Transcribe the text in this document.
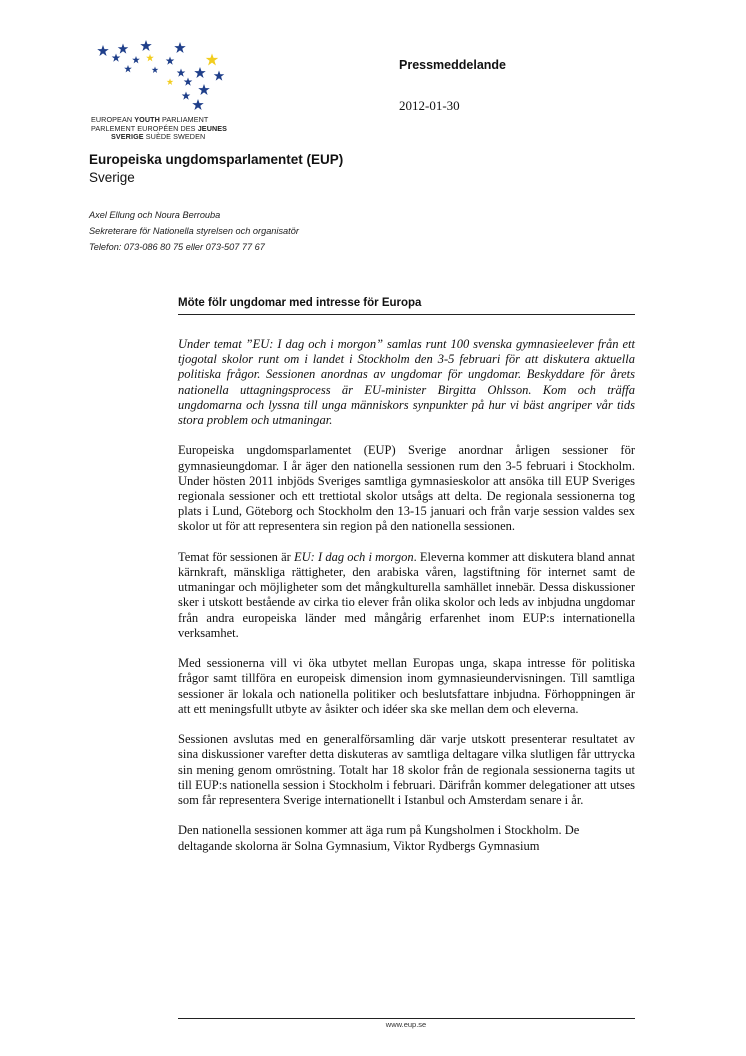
EUROPEAN YOUTH PARLIAMENT
PARLEMENT EUROPÉEN DES JEUNES
SVERIGE SUÈDE SWEDEN
Pressmeddelande
2012-01-30
Europeiska ungdomsparlamentet (EUP)
Sverige
Axel Ellung och Noura Berrouba
Sekreterare för Nationella styrelsen och organisatör
Telefon: 073-086 80 75 eller 073-507 77 67
Möte fölr ungdomar med intresse för Europa

Under temat ”EU: I dag och i morgon” samlas runt 100 svenska gymnasieelever från ett tjogotal skolor runt om i landet i Stockholm den 3-5 februari för att diskutera aktuella politiska frågor. Sessionen anordnas av ungdomar för ungdomar. Beskyddare för årets nationella uttagningsprocess är EU-minister Birgitta Ohlsson. Kom och träffa ungdomarna och lyssna till unga människors synpunkter på hur vi bäst angriper vår tids stora problem och utmaningar.

Europeiska ungdomsparlamentet (EUP) Sverige anordnar årligen sessioner för gymnasieungdomar. I år äger den nationella sessionen rum den 3-5 februari i Stockholm. Under hösten 2011 inbjöds Sveriges samtliga gymnasieskolor att ansöka till EUP Sveriges regionala sessioner och ett trettiotal skolor utsågs att delta. De regionala sessionerna tog plats i Lund, Göteborg och Stockholm den 13-15 januari och från varje session valdes sex skolor ut för att representera sin region på den nationella sessionen.

Temat för sessionen är EU: I dag och i morgon. Eleverna kommer att diskutera bland annat kärnkraft, mänskliga rättigheter, den arabiska våren, lagstiftning för internet samt de utmaningar och möjligheter som det mångkulturella samhället innebär. Dessa diskussioner sker i utskott bestående av cirka tio elever från olika skolor och leds av inbjudna ungdomar från andra europeiska länder med mångårig erfarenhet inom EUP:s internationella verksamhet.

Med sessionerna vill vi öka utbytet mellan Europas unga, skapa intresse för politiska frågor samt tillföra en europeisk dimension inom gymnasieundervisningen. Till samtliga sessioner är lokala och nationella politiker och beslutsfattare inbjudna. Förhoppningen är att ett meningsfullt utbyte av åsikter och idéer ska ske mellan dem och eleverna.

Sessionen avslutas med en generalförsamling där varje utskott presenterar resultatet av sina diskussioner varefter detta diskuteras av samtliga deltagare vilka slutligen får uttrycka sin mening genom omröstning. Totalt har 18 skolor från de regionala sessionerna tagits ut till EUP:s nationella session i Stockholm i februari. Därifrån kommer delegationer att utses som får representera Sverige internationellt i Istanbul och Amsterdam senare i år.

Den nationella sessionen kommer att äga rum på Kungsholmen i Stockholm. De deltagande skolorna är Solna Gymnasium, Viktor Rydbergs Gymnasium

www.eup.se
